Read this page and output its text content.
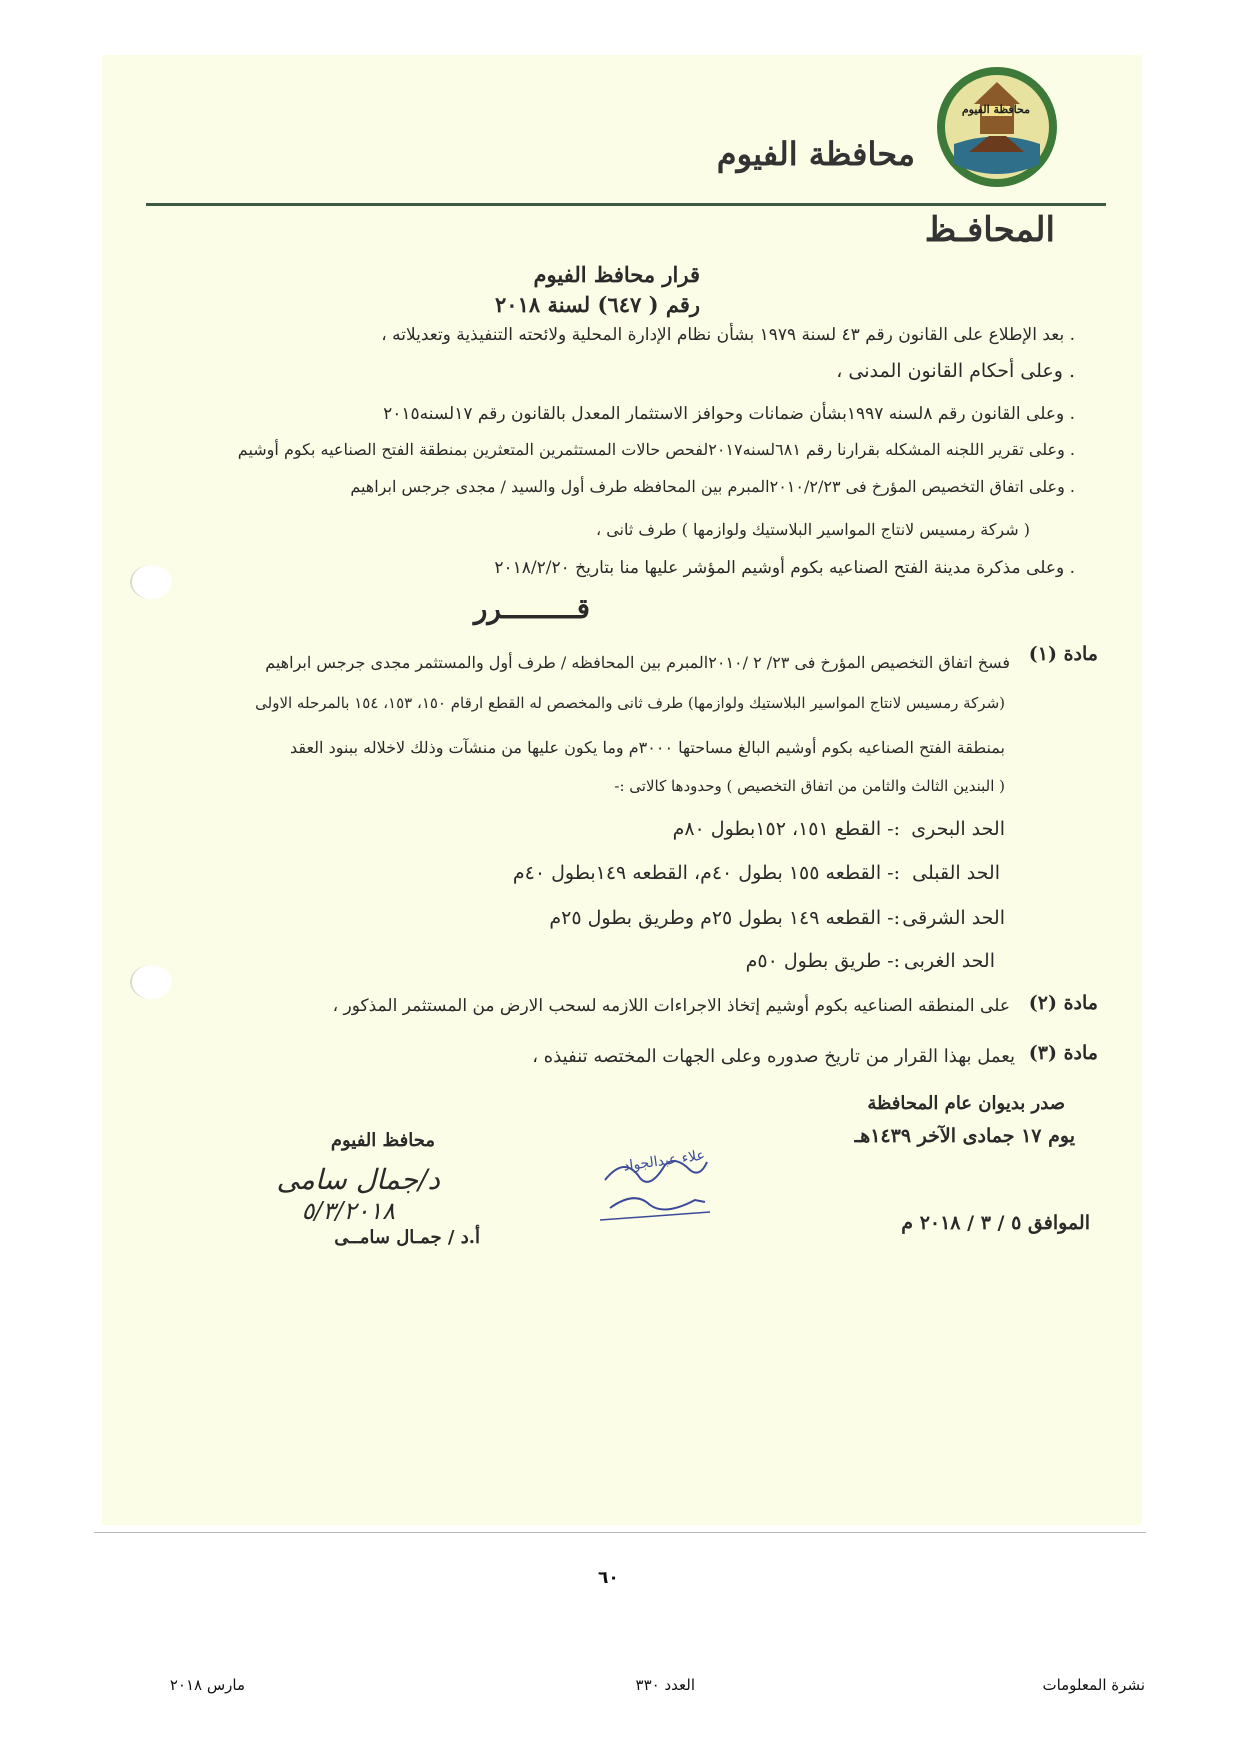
محافظة الفيوم
محافظة الفيوم
المحافـظ
قرار محافظ الفيوم
رقم ( ٦٤٧) لسنة ٢٠١٨
. بعد الإطلاع على القانون رقم ٤٣ لسنة ١٩٧٩ بشأن نظام الإدارة المحلية ولائحته التنفيذية وتعديلاته ،
. وعلى أحكام القانون المدنى ،
. وعلى القانون رقم ٨لسنه ١٩٩٧بشأن ضمانات وحوافز الاستثمار المعدل بالقانون رقم ١٧لسنه٢٠١٥
. وعلى تقرير اللجنه المشكله بقرارنا رقم ٦٨١لسنه٢٠١٧لفحص حالات المستثمرين المتعثرين بمنطقة الفتح الصناعيه بكوم أوشيم
. وعلى اتفاق التخصيص المؤرخ فى ٢٠١٠/٢/٢٣المبرم بين المحافظه طرف أول والسيد / مجدى جرجس ابراهيم
( شركة رمسيس لانتاج المواسير البلاستيك ولوازمها ) طرف ثانى ،
. وعلى مذكرة مدينة الفتح الصناعيه بكوم أوشيم المؤشر عليها منا بتاريخ ٢٠١٨/٢/٢٠
قـــــــــرر
مادة (١)
فسخ اتفاق التخصيص المؤرخ فى ٢٣/ ٢ /٢٠١٠المبرم بين المحافظه / طرف أول والمستثمر مجدى جرجس ابراهيم
(شركة رمسيس لانتاج المواسير البلاستيك ولوازمها) طرف ثانى والمخصص له القطع ارقام ١٥٠، ١٥٣، ١٥٤ بالمرحله الاولى
بمنطقة الفتح الصناعيه بكوم أوشيم البالغ مساحتها ٣٠٠٠م وما يكون عليها من منشآت وذلك لاخلاله ببنود العقد
( البندين الثالث والثامن من اتفاق التخصيص ) وحدودها كالاتى :-
الحد البحرى
:- القطع ١٥١، ١٥٢بطول ٨٠م
الحد القبلى
:- القطعه ١٥٥ بطول ٤٠م، القطعه ١٤٩بطول ٤٠م
الحد الشرقى
:- القطعه ١٤٩ بطول ٢٥م وطريق بطول ٢٥م
الحد الغربى
:- طريق بطول ٥٠م
مادة (٢)
على المنطقه الصناعيه بكوم أوشيم إتخاذ الاجراءات اللازمه لسحب الارض من المستثمر المذكور ،
مادة (٣)
يعمل بهذا القرار من تاريخ صدوره وعلى الجهات المختصه تنفيذه ،
صدر بديوان عام المحافظة
يوم ١٧ جمادى الآخر ١٤٣٩هـ
الموافق ٥ / ٣ / ٢٠١٨ م
علاء عبدالجواد
محافظ الفيوم
د/جمال سامى
٥/٣/٢٠١٨
أ.د / جمـال سامــى
٦٠
نشرة المعلومات
العدد ٣٣٠
مارس ٢٠١٨
